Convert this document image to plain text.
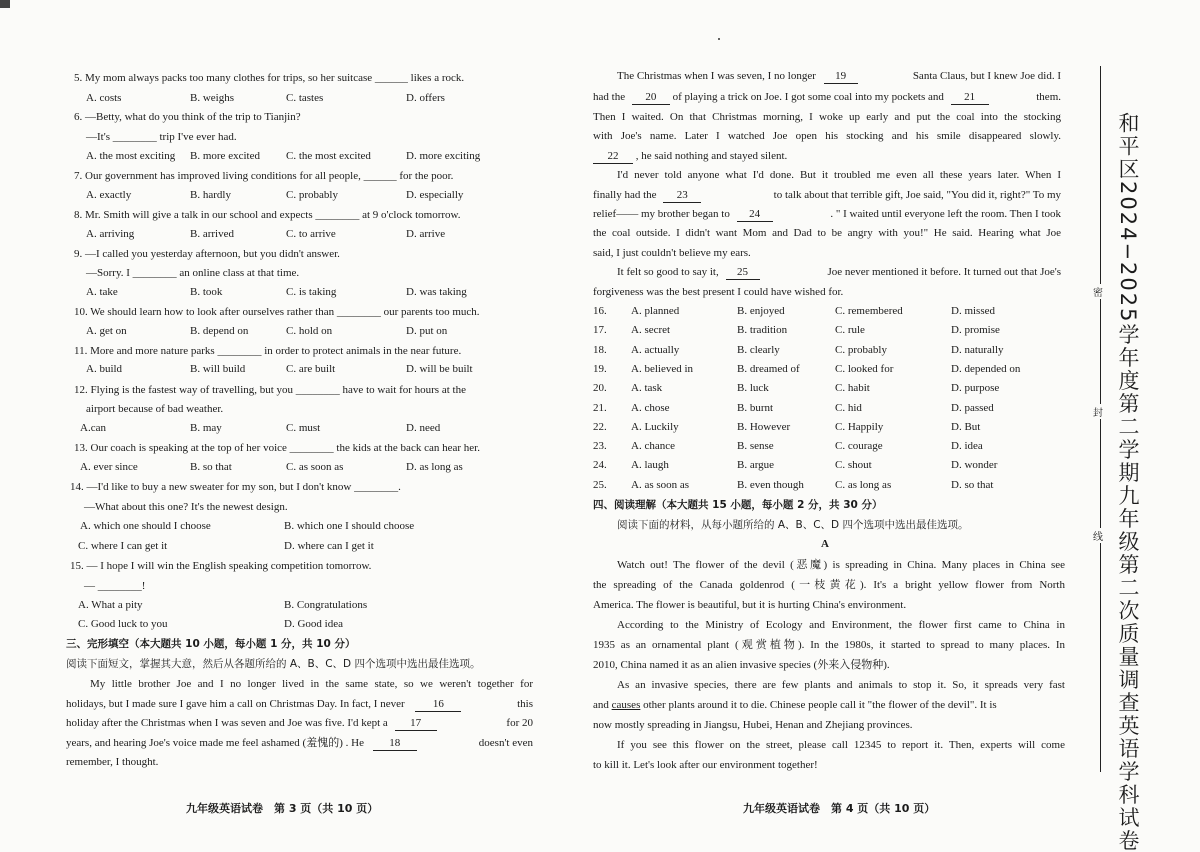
5. My mom always packs too many clothes for trips, so her suitcase ______ likes a rock.
A. costs	B. weighs	C. tastes	D. offers
6. —Betty, what do you think of the trip to Tianjin?
—It's ________ trip I've ever had.
A. the most exciting B. more excited C. the most excited	D. more exciting
7. Our government has improved living conditions for all people, ______ for the poor.
A. exactly	B. hardly	C. probably	D. especially
8. Mr. Smith will give a talk in our school and expects ________ at 9 o'clock tomorrow.
A. arriving	B. arrived	C. to arrive	D. arrive
9. —I called you yesterday afternoon, but you didn't answer.
—Sorry. I ________ an online class at that time.
A. take	B. took	C. is taking	D. was taking
10. We should learn how to look after ourselves rather than ________ our parents too much.
A. get on	B. depend on	C. hold on	D. put on
11. More and more nature parks ________ in order to protect animals in the near future.
A. build	B. will build	C. are built	D. will be built
12. Flying is the fastest way of travelling, but you ________ have to wait for hours at the
airport because of bad weather.
A.can	B. may	C. must	D. need
13. Our coach is speaking at the top of her voice ________ the kids at the back can hear her.
A. ever since	B. so that	C. as soon as	D. as long as
14. —I'd like to buy a new sweater for my son, but I don't know ________.
—What about this one? It's the newest design.
A. which one should I choose	B. which one I should choose
C. where I can get it	D. where can I get it
15. — I hope I will win the English speaking competition tomorrow.
— ________!
A. What a pity	B. Congratulations
C. Good luck to you	D. Good idea
三、完形填空（本大题共 10 小题，每小题 1 分，共 10 分）
阅读下面短文，掌握其大意，然后从各题所给的 A、B、C、D 四个选项中选出最佳选项。
My little brother Joe and I no longer lived in the same state, so we weren't together for
holidays, but I made sure I gave him a call on Christmas Day. In fact, I never	16	this
holiday after the Christmas when I was seven and Joe was five. I'd kept a 17	for 20
years, and hearing Joe's voice made me feel ashamed (羞愧的) . He 18	doesn't even
remember, I thought.
九年级英语试卷　第 3 页（共 10 页）
The Christmas when I was seven, I no longer 19	Santa Claus, but I knew Joe did. I
had the 20 of playing a trick on Joe. I got some coal into my pockets and 21	them.
Then I waited. On that Christmas morning, I woke up early and put the coal into the stocking
with Joe's name. Later I watched Joe open his stocking and his smile disappeared slowly.
22 , he said nothing and stayed silent.
I'd never told anyone what I'd done. But it troubled me even all these years later. When I
finally had the 23	to talk about that terrible gift, Joe said, "You did it, right?" To my
relief—— my brother began to 24	. " I waited until everyone left the room. Then I took
the coal outside. I didn't want Mom and Dad to be angry with you!" He said. Hearing what Joe
said, I just couldn't believe my ears.
It felt so good to say it, 25	Joe never mentioned it before. It turned out that Joe's
forgiveness was the best present I could have wished for.
16. A. planned	B. enjoyed	C. remembered	D. missed
17. A. secret	B. tradition	C. rule	D. promise
18. A. actually	B. clearly	C. probably	D. naturally
19. A. believed in	B. dreamed of	C. looked for	D. depended on
20. A. task	B. luck	C. habit	D. purpose
21. A. chose	B. burnt	C. hid	D. passed
22. A. Luckily	B. However	C. Happily	D. But
23. A. chance	B. sense	C. courage	D. idea
24. A. laugh	B. argue	C. shout	D. wonder
25. A. as soon as	B. even though	C. as long as	D. so that
四、阅读理解（本大题共 15 小题，每小题 2 分，共 30 分）
阅读下面的材料，从每小题所给的 A、B、C、D 四个选项中选出最佳选项。
A
Watch out! The flower of the devil (恶魔) is spreading in China. Many places in China see
the spreading of the Canada goldenrod (一枝黄花). It's a bright yellow flower from North
America. The flower is beautiful, but it is hurting China's environment.
According to the Ministry of Ecology and Environment, the flower first came to China in
1935 as an ornamental plant (观赏植物). In the 1980s, it started to spread to many places. In
2010, China named it as an alien invasive species (外来入侵物种).
As an invasive species, there are few plants and animals to stop it. So, it spreads very fast
and causes other plants around it to die. Chinese people call it "the flower of the devil". It is
now mostly spreading in Jiangsu, Hubei, Henan and Zhejiang provinces.
If you see this flower on the street, please call 12345 to report it. Then, experts will come
to kill it. Let's look after our environment together!
九年级英语试卷　第 4 页（共 10 页）
密
封
线 和平区2024−2025学年度第二学期九年级第二次质量调查英语学科试卷
